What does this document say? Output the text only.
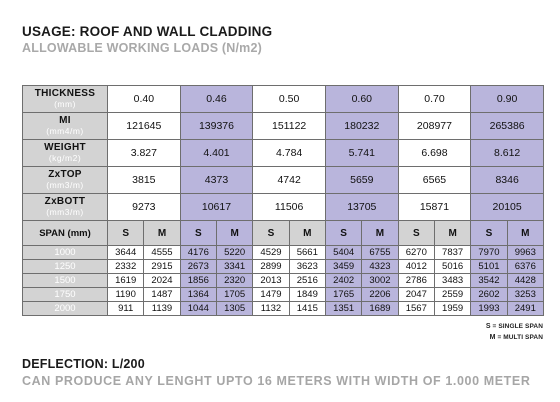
USAGE: ROOF AND WALL CLADDING
ALLOWABLE WORKING LOADS (N/m2)
THICKNESS
(mm)	0.40		0.46		0.50		0.60		0.70		0.90	

MI
(mm4/m)	121645		139376		151122		180232		208977		265386	

WEIGHT
(kg/m2)	3.827		4.401		4.784		5.741		6.698		8.612	

ZxTOP
(mm3/m)	3815		4373		4742		5659		6565		8346	

ZxBOTT
(mm3/m)	9273		10617		11506		13705		15871		20105	
SPAN (mm)	S	M	S	M	S	M	S	M	S	M	S	M
1000	3644	4555	4176	5220	4529	5661	5404	6755	6270	7837	7970	9963
1250	2332	2915	2673	3341	2899	3623	3459	4323	4012	5016	5101	6376
1500	1619	2024	1856	2320	2013	2516	2402	3002	2786	3483	3542	4428
1750	1190	1487	1364	1705	1479	1849	1765	2206	2047	2559	2602	3253
2000	911	1139	1044	1305	1132	1415	1351	1689	1567	1959	1993	2491
S = SINGLE SPAN
M = MULTI SPAN
DEFLECTION: L/200
CAN PRODUCE ANY LENGHT UPTO 16 METERS WITH WIDTH OF 1.000 METER
